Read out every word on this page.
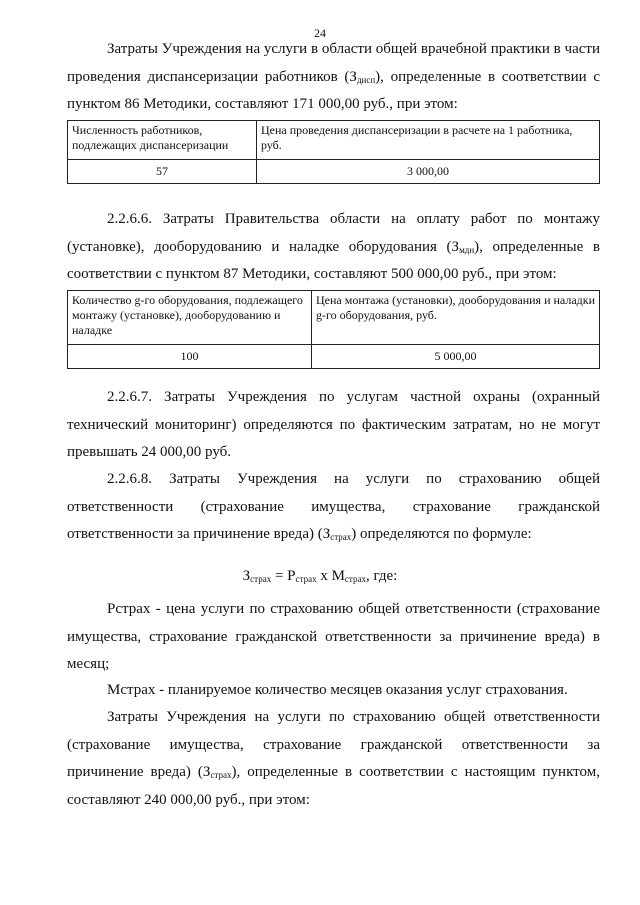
24

Затраты Учреждения на услуги в области общей врачебной практики в части проведения диспансеризации работников $(З_{дисп})$, определенные в соответствии с пунктом 86 Методики, составляют 171 000,00 руб., при этом:

Численность работников, подлежащих диспансеризации	Цена проведения диспансеризации в расчете на 1 работника, руб.
57	3 000,00

2.2.6.6. Затраты Правительства области на оплату работ по монтажу (установке), дооборудованию и наладке оборудования $(З_{мдн})$, определенные в соответствии с пунктом 87 Методики, составляют 500 000,00 руб., при этом:

Количество g-го оборудования, подлежащего монтажу (установке), дооборудованию и наладке	Цена монтажа (установки), дооборудования и наладки g-го оборудования, руб.
100	5 000,00

2.2.6.7. Затраты Учреждения по услугам частной охраны (охранный технический мониторинг) определяются по фактическим затратам, но не могут превышать 24 000,00 руб.

2.2.6.8. Затраты Учреждения на услуги по страхованию общей ответственности (страхование имущества, страхование гражданской ответственности за причинение вреда) $(З_{страх})$ определяются по формуле:

$З_{страх} = Р_{страх}$ х $М_{страх}$, где:

Рстрах - цена услуги по страхованию общей ответственности (страхование имущества, страхование гражданской ответственности за причинение вреда) в месяц;

Мстрах - планируемое количество месяцев оказания услуг страхования.

Затраты Учреждения на услуги по страхованию общей ответственности (страхование имущества, страхование гражданской ответственности за причинение вреда) $(З_{страх})$, определенные в соответствии с настоящим пунктом, составляют 240 000,00 руб., при этом:
